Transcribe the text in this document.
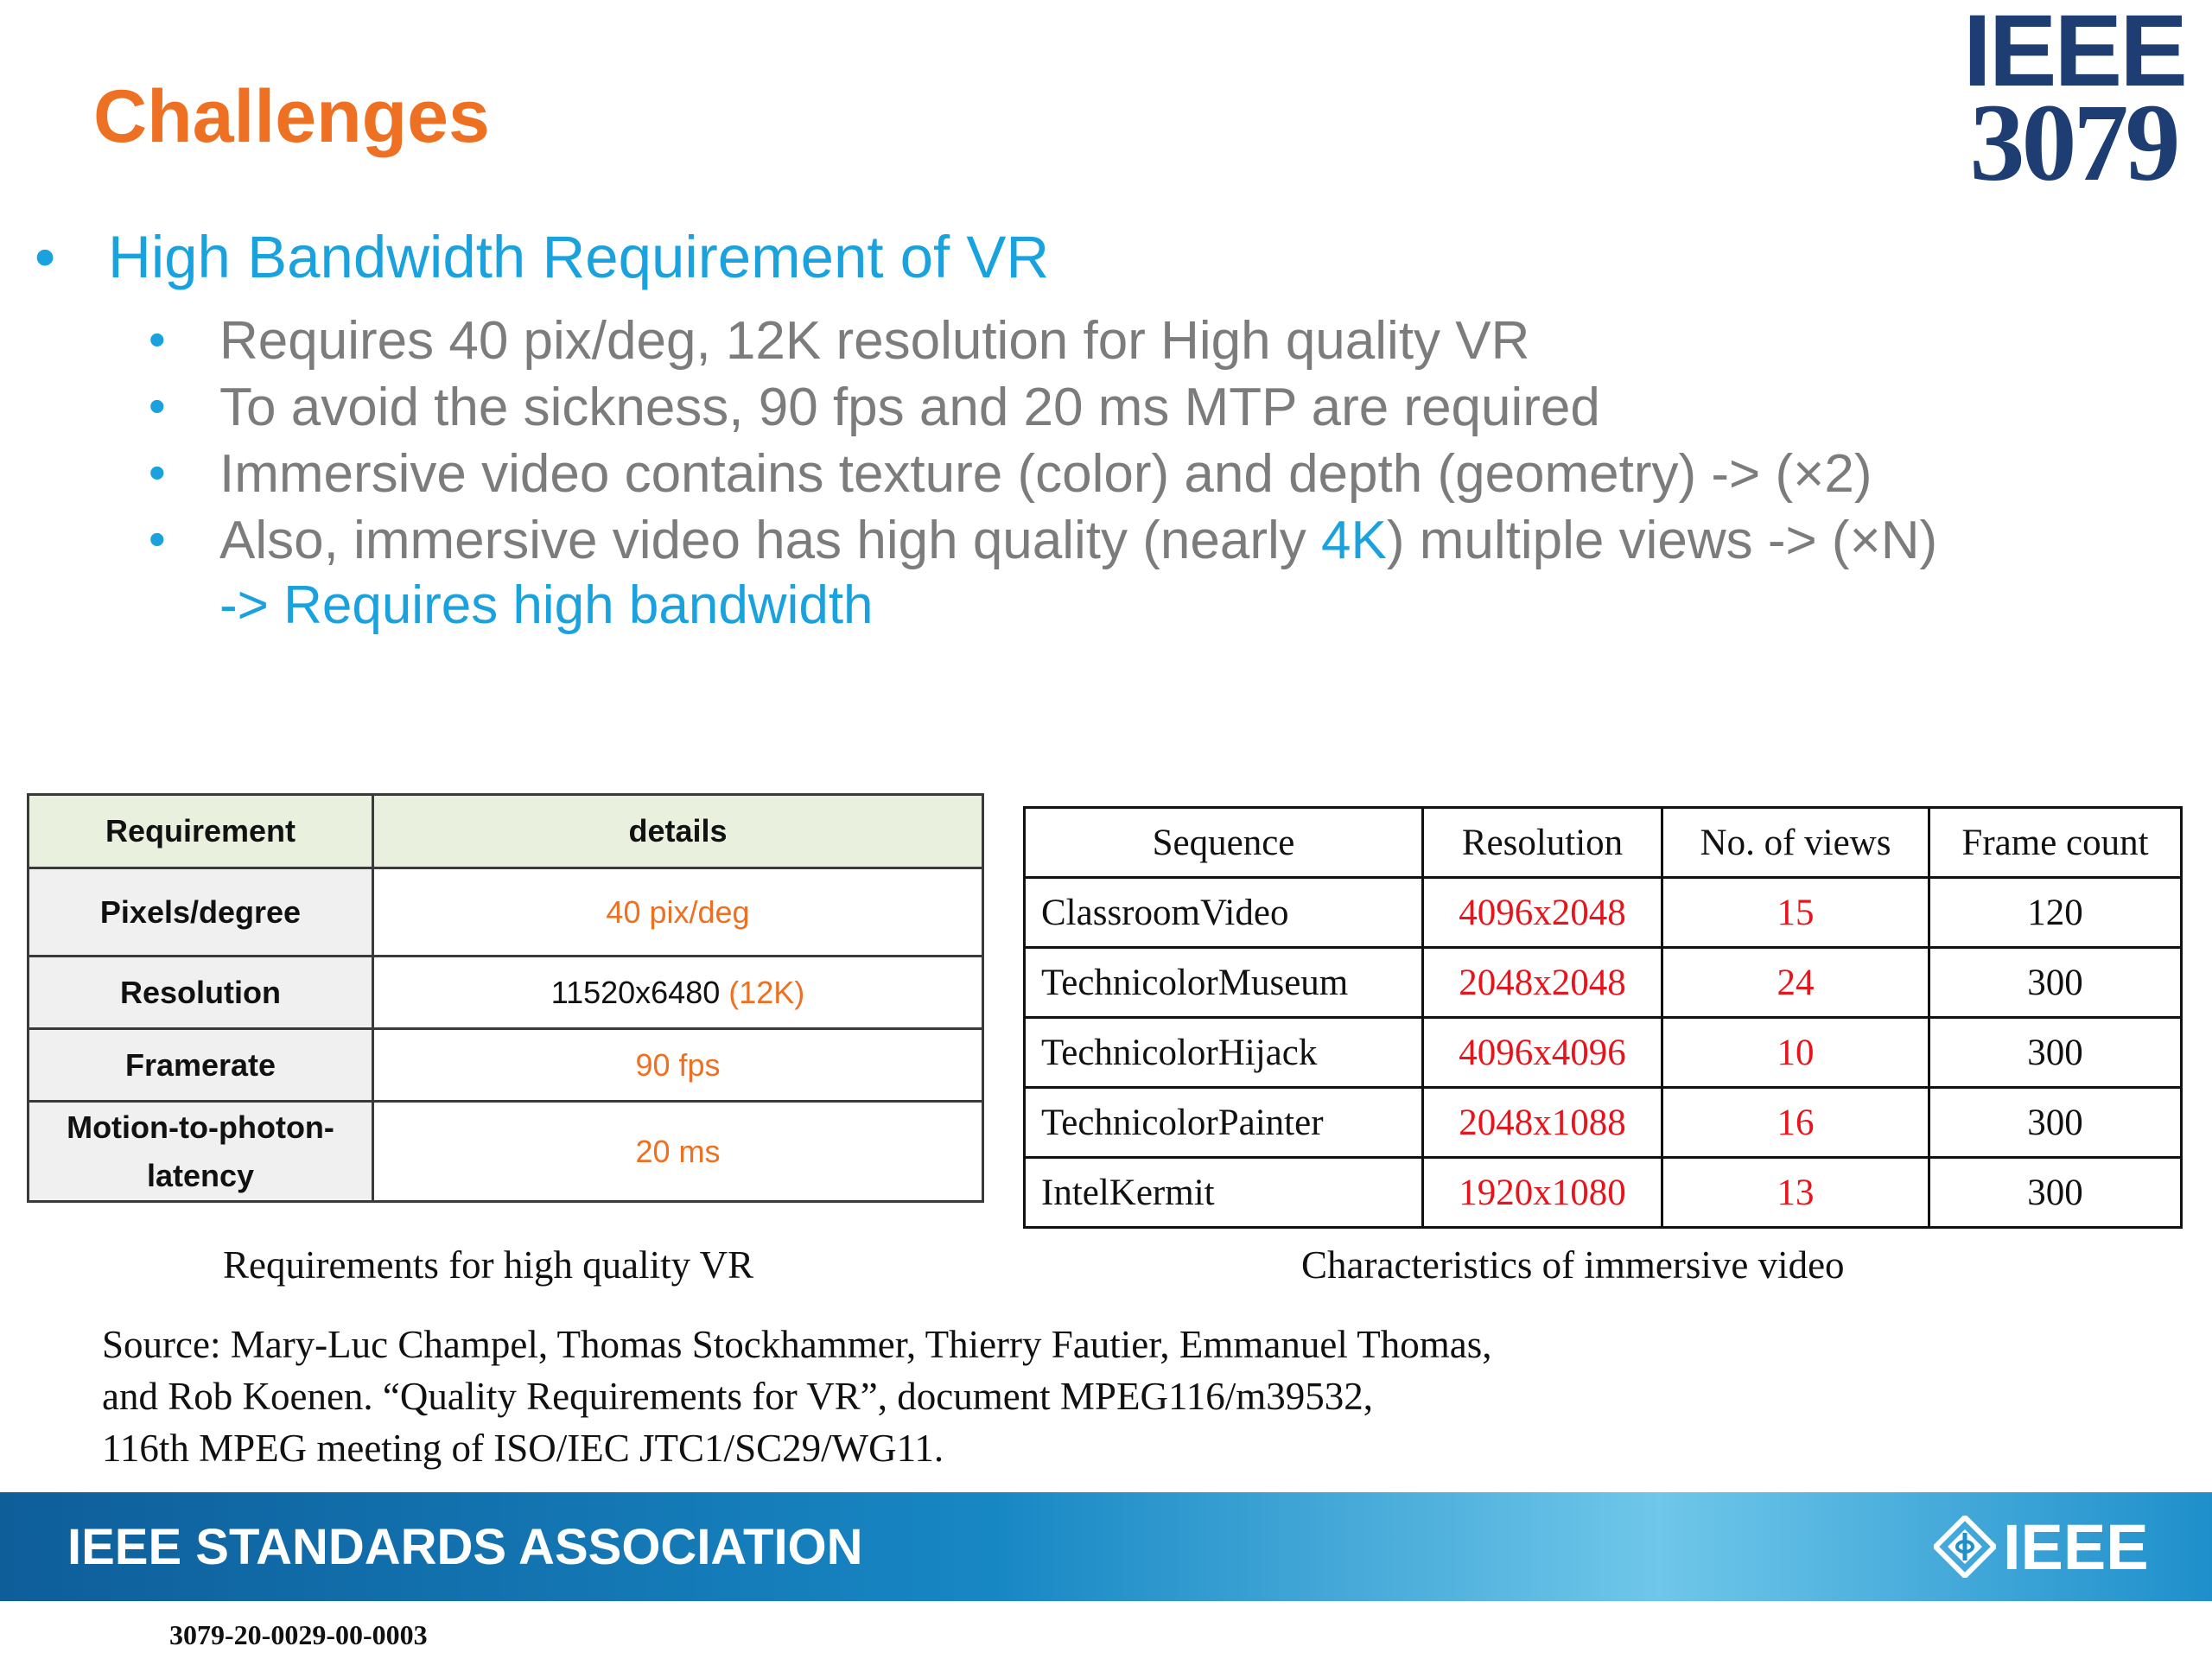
Challenges
IEEE
3079
• High Bandwidth Requirement of VR
• Requires 40 pix/deg, 12K resolution for High quality VR
• To avoid the sickness, 90 fps and 20 ms MTP are required
• Immersive video contains texture (color) and depth (geometry) -> (×2)
• Also, immersive video has high quality (nearly 4K) multiple views -> (×N)
-> Requires high bandwidth
Requirement	details
Pixels/degree	40 pix/deg
Resolution	11520x6480 (12K)
Framerate	90 fps
Motion-to-photon-
latency	20 ms
Sequence	Resolution	No. of views	Frame count
ClassroomVideo	4096x2048	15	120
TechnicolorMuseum	2048x2048	24	300
TechnicolorHijack	4096x4096	10	300
TechnicolorPainter	2048x1088	16	300
IntelKermit	1920x1080	13	300
Requirements for high quality VR	Characteristics of immersive video
Source: Mary-Luc Champel, Thomas Stockhammer, Thierry Fautier, Emmanuel Thomas,
and Rob Koenen. “Quality Requirements for VR”, document MPEG116/m39532,
116th MPEG meeting of ISO/IEC JTC1/SC29/WG11.
IEEE STANDARDS ASSOCIATION	IEEE
3079-20-0029-00-0003
